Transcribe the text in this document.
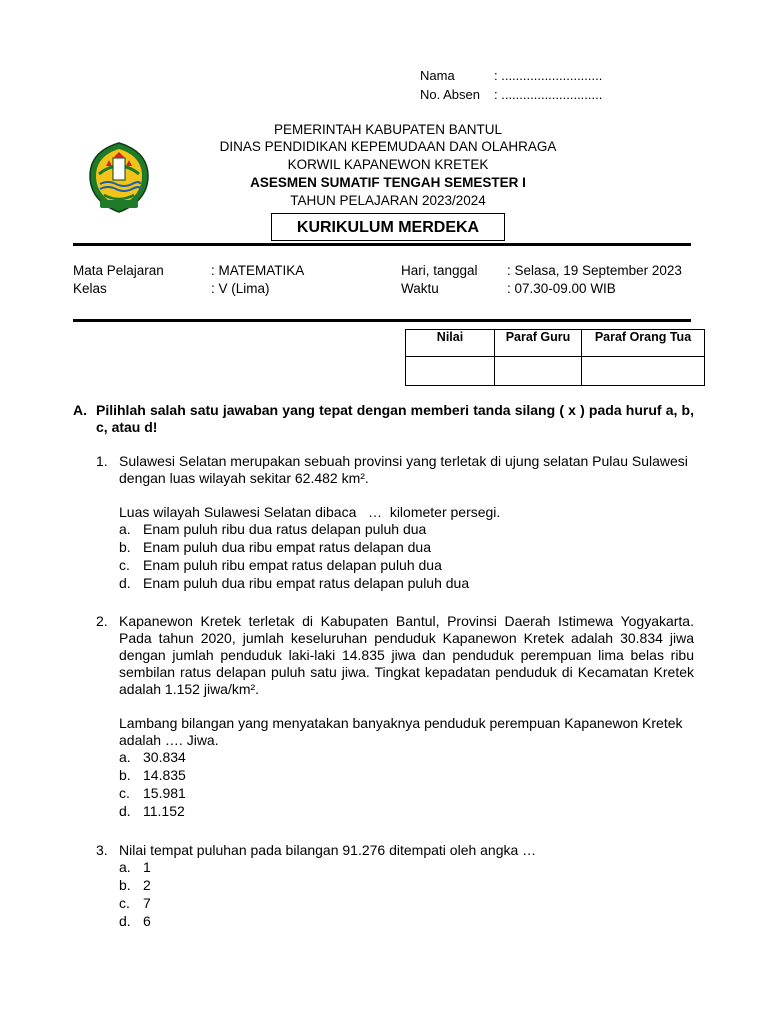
Nama	: ............................
No. Absen : ............................
PEMERINTAH KABUPATEN BANTUL
DINAS PENDIDIKAN KEPEMUDAAN DAN OLAHRAGA
KORWIL KAPANEWON KRETEK
ASESMEN SUMATIF TENGAH SEMESTER I
TAHUN PELAJARAN 2023/2024
KURIKULUM MERDEKA
Mata Pelajaran	: MATEMATIKA
Kelas	: V (Lima)
Hari, tanggal : Selasa, 19 September 2023
Waktu	: 07.30-09.00 WIB
Nilai	Paraf Guru	Paraf Orang Tua

A. Pilihlah salah satu jawaban yang tepat dengan memberi tanda silang ( x ) pada huruf a, b, c, atau d!
1. Sulawesi Selatan merupakan sebuah provinsi yang terletak di ujung selatan Pulau Sulawesi dengan luas wilayah sekitar 62.482 km².

Luas wilayah Sulawesi Selatan dibaca   …  kilometer persegi.

a. Enam puluh ribu dua ratus delapan puluh dua
b. Enam puluh dua ribu empat ratus delapan dua
c. Enam puluh ribu empat ratus delapan puluh dua
d. Enam puluh dua ribu empat ratus delapan puluh dua
2. Kapanewon Kretek terletak di Kabupaten Bantul, Provinsi Daerah Istimewa Yogyakarta. Pada tahun 2020, jumlah keseluruhan penduduk Kapanewon Kretek adalah 30.834 jiwa dengan jumlah penduduk laki-laki 14.835 jiwa dan penduduk perempuan lima belas ribu sembilan ratus delapan puluh satu jiwa. Tingkat kepadatan penduduk di Kecamatan Kretek adalah 1.152 jiwa/km².

Lambang bilangan yang menyatakan banyaknya penduduk perempuan Kapanewon Kretek adalah …. Jiwa.

a. 30.834
b. 14.835
c. 15.981
d. 11.152
3. Nilai tempat puluhan pada bilangan 91.276 ditempati oleh angka …

a. 1
b. 2
c. 7
d. 6
